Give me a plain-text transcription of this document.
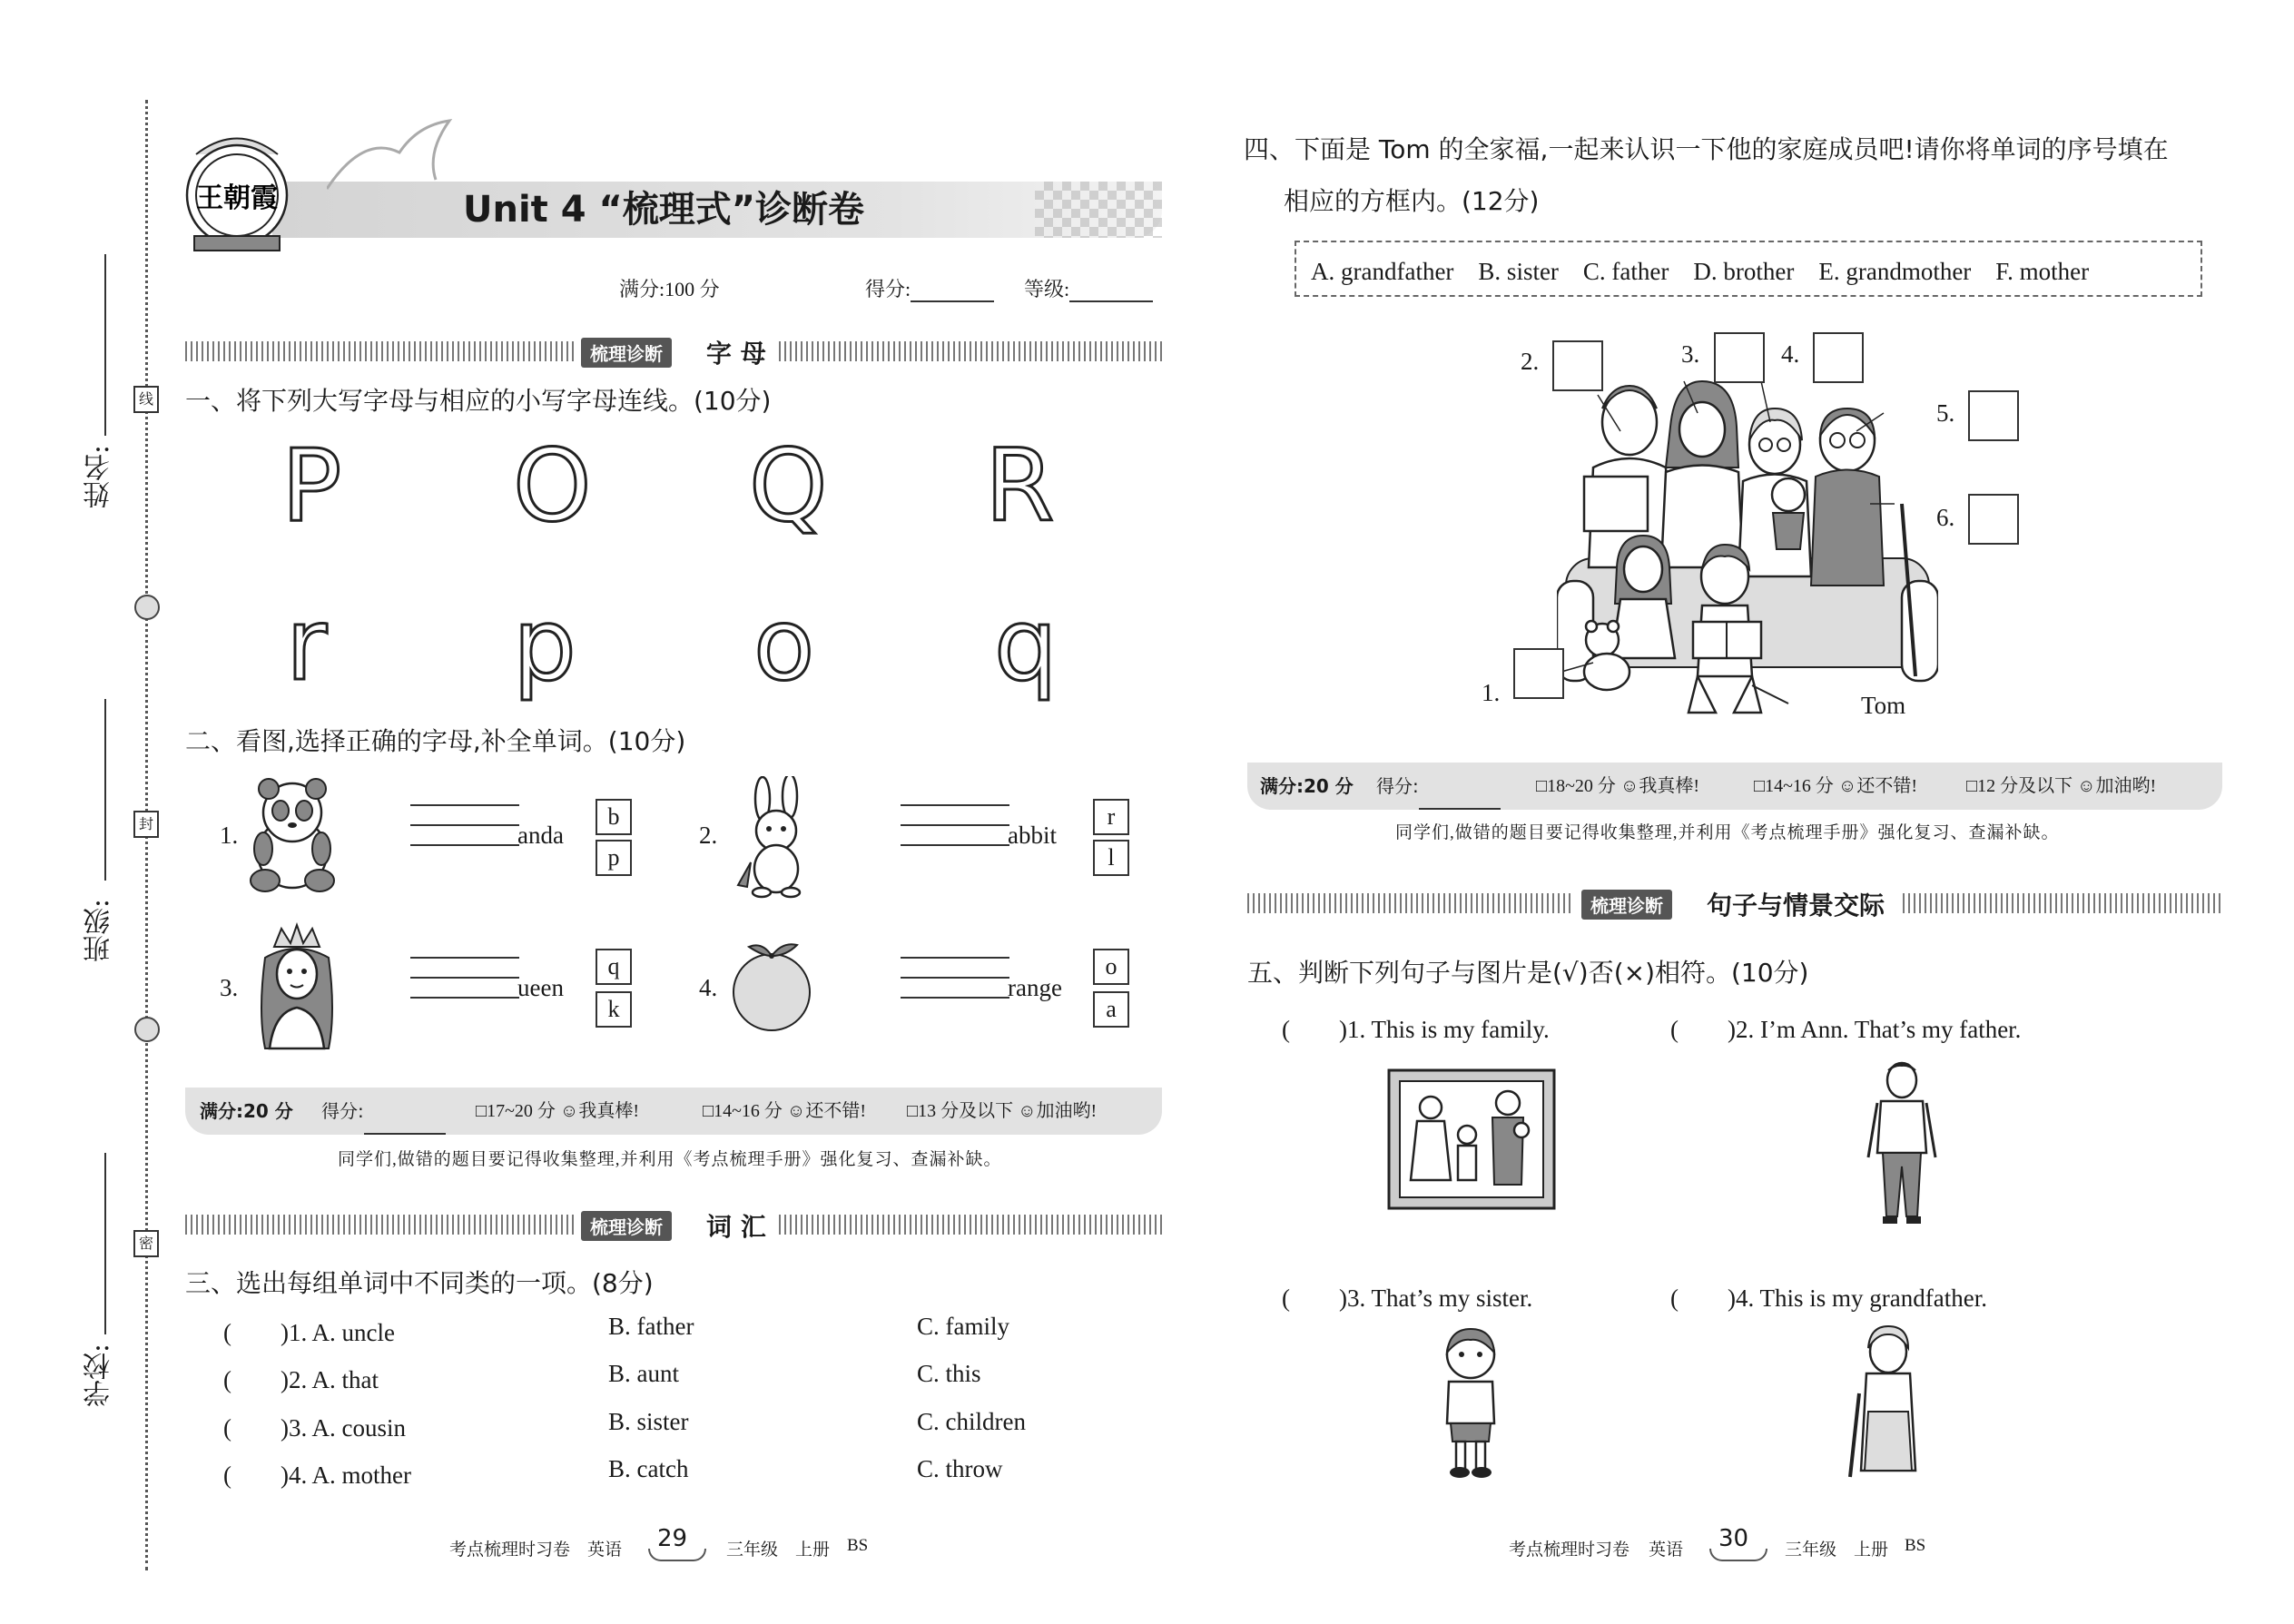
姓名:
班级:
学校:
线
封
密
王朝霞	Unit 4 “梳理式”诊断卷
满分:100 分	得分:	等级:
梳理诊断	字 母
一、将下列大写字母与相应的小写字母连线。(10分)
P O Q R
r p o q
二、看图,选择正确的字母,补全单词。(10分)
1.	anda
b
p
2.	abbit
r
l
3.	ueen
q
k
4.	range
o
a
满分:20 分 得分:	□17~20 分 ☺我真棒!	□14~16 分 ☺还不错! □13 分及以下 ☺加油哟!
同学们,做错的题目要记得收集整理,并利用《考点梳理手册》强化复习、查漏补缺。
梳理诊断	词 汇
三、选出每组单词中不同类的一项。(8分)
(　　)1. A. uncle	B. father	C. family
(　　)2. A. that	B. aunt	C. this
(　　)3. A. cousin	B. sister	C. children
(　　)4. A. mother	B. catch	C. throw
考点梳理时习卷 英语 29 三年级 上册 BS
四、下面是 Tom 的全家福,一起来认识一下他的家庭成员吧!请你将单词的序号填在
相应的方框内。(12分)
A. grandfather　B. sister　C. father　D. brother　E. grandmother　F. mother
1.
2.	3.	4.
5.
6.
Tom
满分:20 分 得分:	□18~20 分 ☺我真棒!	□14~16 分 ☺还不错!	□12 分及以下 ☺加油哟!
同学们,做错的题目要记得收集整理,并利用《考点梳理手册》强化复习、查漏补缺。
梳理诊断	句子与情景交际
五、判断下列句子与图片是(√)否(×)相符。(10分)
(　　)1. This is my family.	(　　)2. I’m Ann. That’s my father.
(　　)3. That’s my sister.	(　　)4. This is my grandfather.
考点梳理时习卷 英语 30 三年级 上册 BS
